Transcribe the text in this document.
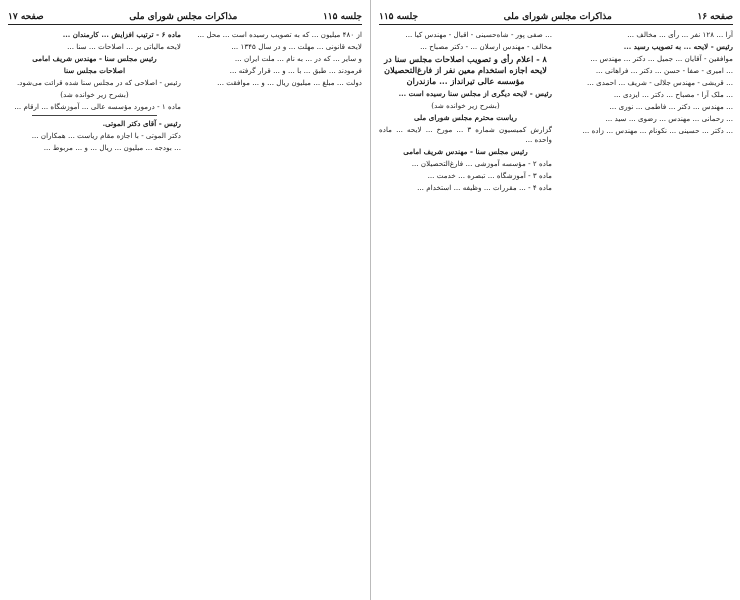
جلسه ۱۱۵
مذاکرات مجلس شورای ملی
صفحه ۱۷

از ۴۸۰ میلیون ... که به تصویب رسیده است ... محل ...

لایحه قانونی ... مهلت ... و در سال ۱۳۴۵ ...

و سایر ... که در ... به نام ... ملت ایران ...

فرمودند ... طبق ... با ... و ... قرار گرفته ...

دولت ... مبلغ ... میلیون ریال ... و ... موافقت ...

ماده ۶ - ترتیب افزایش ... کارمندان ...

لایحه مالیاتی بر ... اصلاحات ... سنا ...

رئیس مجلس سنا - مهندس شریف امامی

اصلاحات مجلس سنا

رئیس - اصلاحی که در مجلس سنا شده قرائت می‌شود.

(بشرح زیر خوانده شد)

ماده ۱ - درمورد مؤسسه عالی ... آموزشگاه ... ارقام ...

رئیس - آقای دکتر الموتی.

دکتر الموتی - با اجازه مقام ریاست ... همکاران ...

... بودجه ... میلیون ... ریال ... و ... مربوط ...

صفحه ۱۶
مذاکرات مجلس شورای ملی
جلسه ۱۱۵

آرا ... ۱۲۸ نفر ... رأی ... مخالف ...

رئیس - لایحه ... به تصویب رسید ...

موافقین - آقایان ... جمیل ... دکتر ... مهندس ...

... امیری - صفا - حسن ... دکتر ... فراهانی ...

... قریشی - مهندس جلالی - شریف ... احمدی ...

... ملک آرا - مصباح ... دکتر ... ایزدی ...

... مهندس ... دکتر ... فاطمی ... نوری ...

... رحمانی ... مهندس ... رضوی ... سید ...

... دکتر ... حسینی ... نکونام ... مهندس ... زاده ...

... صفی پور - شاه‌حسینی - اقبال - مهندس کیا ...

مخالف - مهندس ارسلان ... - دکتر مصباح ...

۸ - اعلام رأی و تصویب اصلاحات مجلس سنا در لایحه اجازه استخدام معین نفر از فارغ‌التحصیلان مؤسسه عالی تیرانداز ... مازندران

رئیس - لایحه دیگری از مجلس سنا رسیده است ...

(بشرح زیر خوانده شد)

ریاست محترم مجلس شورای ملی

گزارش کمیسیون شماره ۳ ... مورخ ... لایحه ... ماده واحده ...

رئیس مجلس سنا - مهندس شریف امامی

ماده ۲ - مؤسسه آموزشی ... فارغ‌التحصیلان ...

ماده ۳ - آموزشگاه ... تبصره ... خدمت ...

ماده ۴ - ... مقررات ... وظیفه ... استخدام ...
